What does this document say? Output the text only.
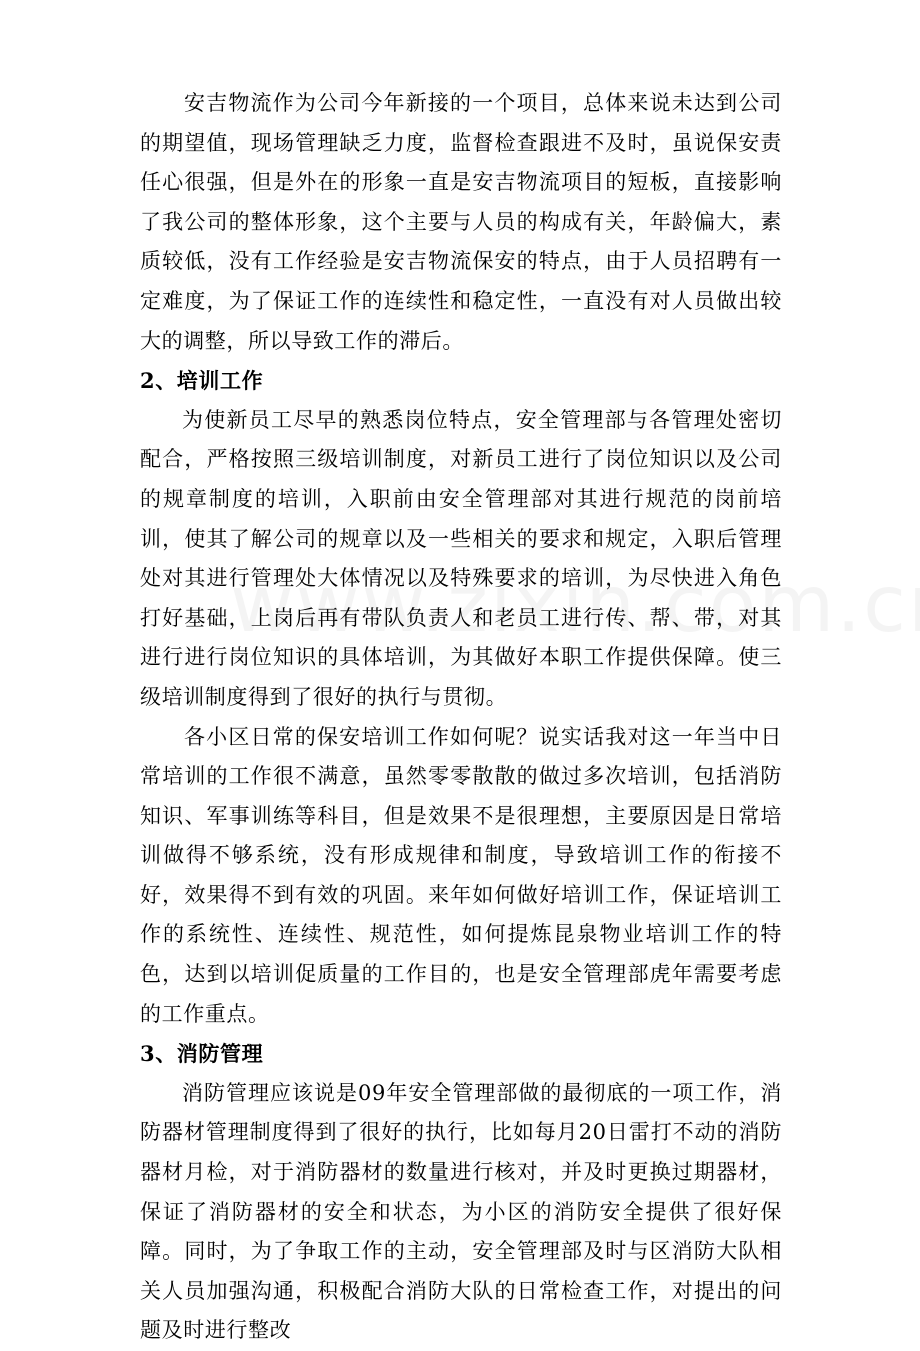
安吉物流作为公司今年新接的一个项目，总体来说未达到公司的期望值，现场管理缺乏力度，监督检查跟进不及时，虽说保安责任心很强，但是外在的形象一直是安吉物流项目的短板，直接影响了我公司的整体形象，这个主要与人员的构成有关，年龄偏大，素质较低，没有工作经验是安吉物流保安的特点，由于人员招聘有一定难度，为了保证工作的连续性和稳定性，一直没有对人员做出较大的调整，所以导致工作的滞后。

2、培训工作

为使新员工尽早的熟悉岗位特点，安全管理部与各管理处密切配合，严格按照三级培训制度，对新员工进行了岗位知识以及公司的规章制度的培训，入职前由安全管理部对其进行规范的岗前培训，使其了解公司的规章以及一些相关的要求和规定，入职后管理处对其进行管理处大体情况以及特殊要求的培训，为尽快进入角色打好基础，上岗后再有带队负责人和老员工进行传、帮、带，对其进行进行岗位知识的具体培训，为其做好本职工作提供保障。使三级培训制度得到了很好的执行与贯彻。

各小区日常的保安培训工作如何呢？说实话我对这一年当中日常培训的工作很不满意，虽然零零散散的做过多次培训，包括消防知识、军事训练等科目，但是效果不是很理想，主要原因是日常培训做得不够系统，没有形成规律和制度，导致培训工作的衔接不好，效果得不到有效的巩固。来年如何做好培训工作，保证培训工作的系统性、连续性、规范性，如何提炼昆泉物业培训工作的特色，达到以培训促质量的工作目的，也是安全管理部虎年需要考虑的工作重点。

3、消防管理

消防管理应该说是09年安全管理部做的最彻底的一项工作，消防器材管理制度得到了很好的执行，比如每月20日雷打不动的消防器材月检，对于消防器材的数量进行核对，并及时更换过期器材，保证了消防器材的安全和状态，为小区的消防安全提供了很好保障。同时，为了争取工作的主动，安全管理部及时与区消防大队相关人员加强沟通，积极配合消防大队的日常检查工作，对提出的问题及时进行整改
